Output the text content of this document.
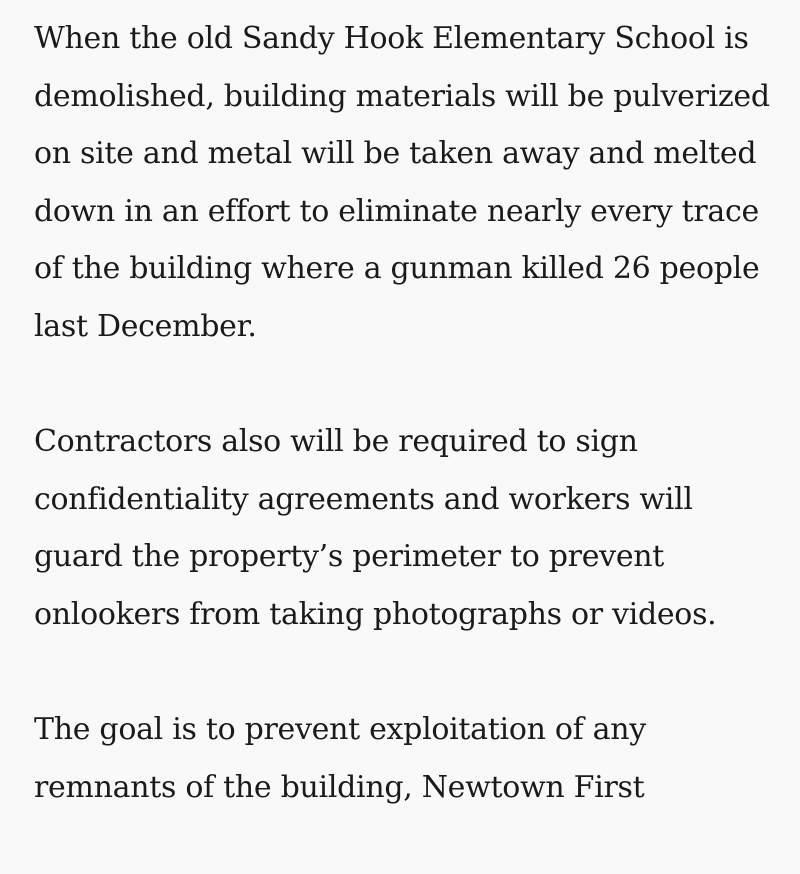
When the old Sandy Hook Elementary School is
demolished, building materials will be pulverized
on site and metal will be taken away and melted
down in an effort to eliminate nearly every trace
of the building where a gunman killed 26 people
last December.

Contractors also will be required to sign
confidentiality agreements and workers will
guard the property’s perimeter to prevent
onlookers from taking photographs or videos.

The goal is to prevent exploitation of any
remnants of the building, Newtown First
